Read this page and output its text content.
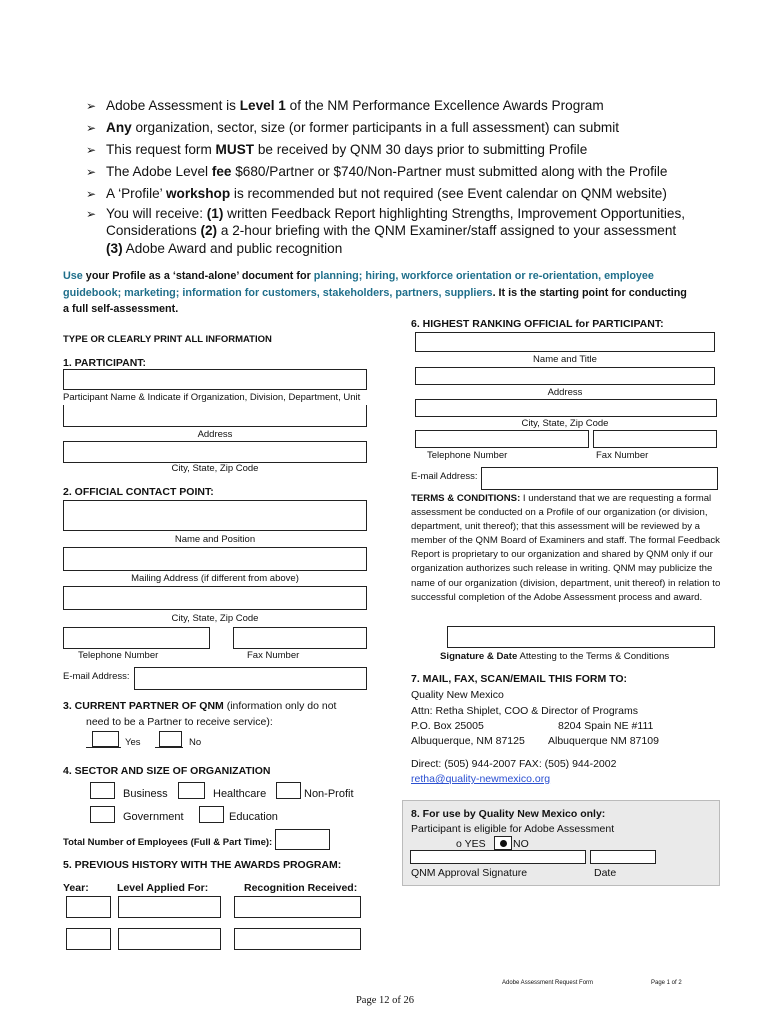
➢ Adobe Assessment is Level 1 of the NM Performance Excellence Awards Program
➢ Any organization, sector, size (or former participants in a full assessment) can submit
➢ This request form MUST be received by QNM 30 days prior to submitting Profile
➢ The Adobe Level fee $680/Partner or $740/Non-Partner must submitted along with the Profile
➢ A ‘Profile’ workshop is recommended but not required (see Event calendar on QNM website)
➢ You will receive: (1) written Feedback Report highlighting Strengths, Improvement Opportunities,
Considerations (2) a 2-hour briefing with the QNM Examiner/staff assigned to your assessment
(3) Adobe Award and public recognition
Use your Profile as a ‘stand-alone’ document for planning; hiring, workforce orientation or re-orientation, employee
guidebook; marketing; information for customers, stakeholders, partners, suppliers. It is the starting point for conducting
a full self-assessment.
TYPE OR CLEARLY PRINT ALL INFORMATION
1. PARTICIPANT:
Participant Name & Indicate if Organization, Division, Department, Unit
Address
City, State, Zip Code
2. OFFICIAL CONTACT POINT:
Name and Position
Mailing Address (if different from above)
City, State, Zip Code
Telephone Number	Fax Number
E-mail Address:
3. CURRENT PARTNER OF QNM (information only do not
need to be a Partner to receive service):
Yes	No
4. SECTOR AND SIZE OF ORGANIZATION
Business	Healthcare	Non-Profit
Government	Education
Total Number of Employees (Full & Part Time):
5. PREVIOUS HISTORY WITH THE AWARDS PROGRAM:
Year:	Level Applied For:	Recognition Received:
6. HIGHEST RANKING OFFICIAL for PARTICIPANT:
Name and Title
Address
City, State, Zip Code
Telephone Number	Fax Number
E-mail Address:
TERMS & CONDITIONS: I understand that we are requesting a formal assessment be conducted on a Profile of our organization (or division, department, unit thereof); that this assessment will be reviewed by a member of the QNM Board of Examiners and staff. The formal Feedback Report is proprietary to our organization and shared by QNM only if our organization authorizes such release in writing. QNM may publicize the name of our organization (division, department, unit thereof) in relation to successful completion of the Adobe Assessment process and award.
Signature & Date Attesting to the Terms & Conditions
7. MAIL, FAX, SCAN/EMAIL THIS FORM TO:
Quality New Mexico
Attn: Retha Shiplet, COO & Director of Programs
P.O. Box 25005	8204 Spain NE #111
Albuquerque, NM 87125 Albuquerque NM 87109
Direct: (505) 944-2007 FAX: (505) 944-2002
retha@quality-newmexico.org
8. For use by Quality New Mexico only:
Participant is eligible for Adobe Assessment
o YES	NO
QNM Approval Signature	Date
Adobe Assessment Request Form	Page 1 of 2
Page 12 of 26
